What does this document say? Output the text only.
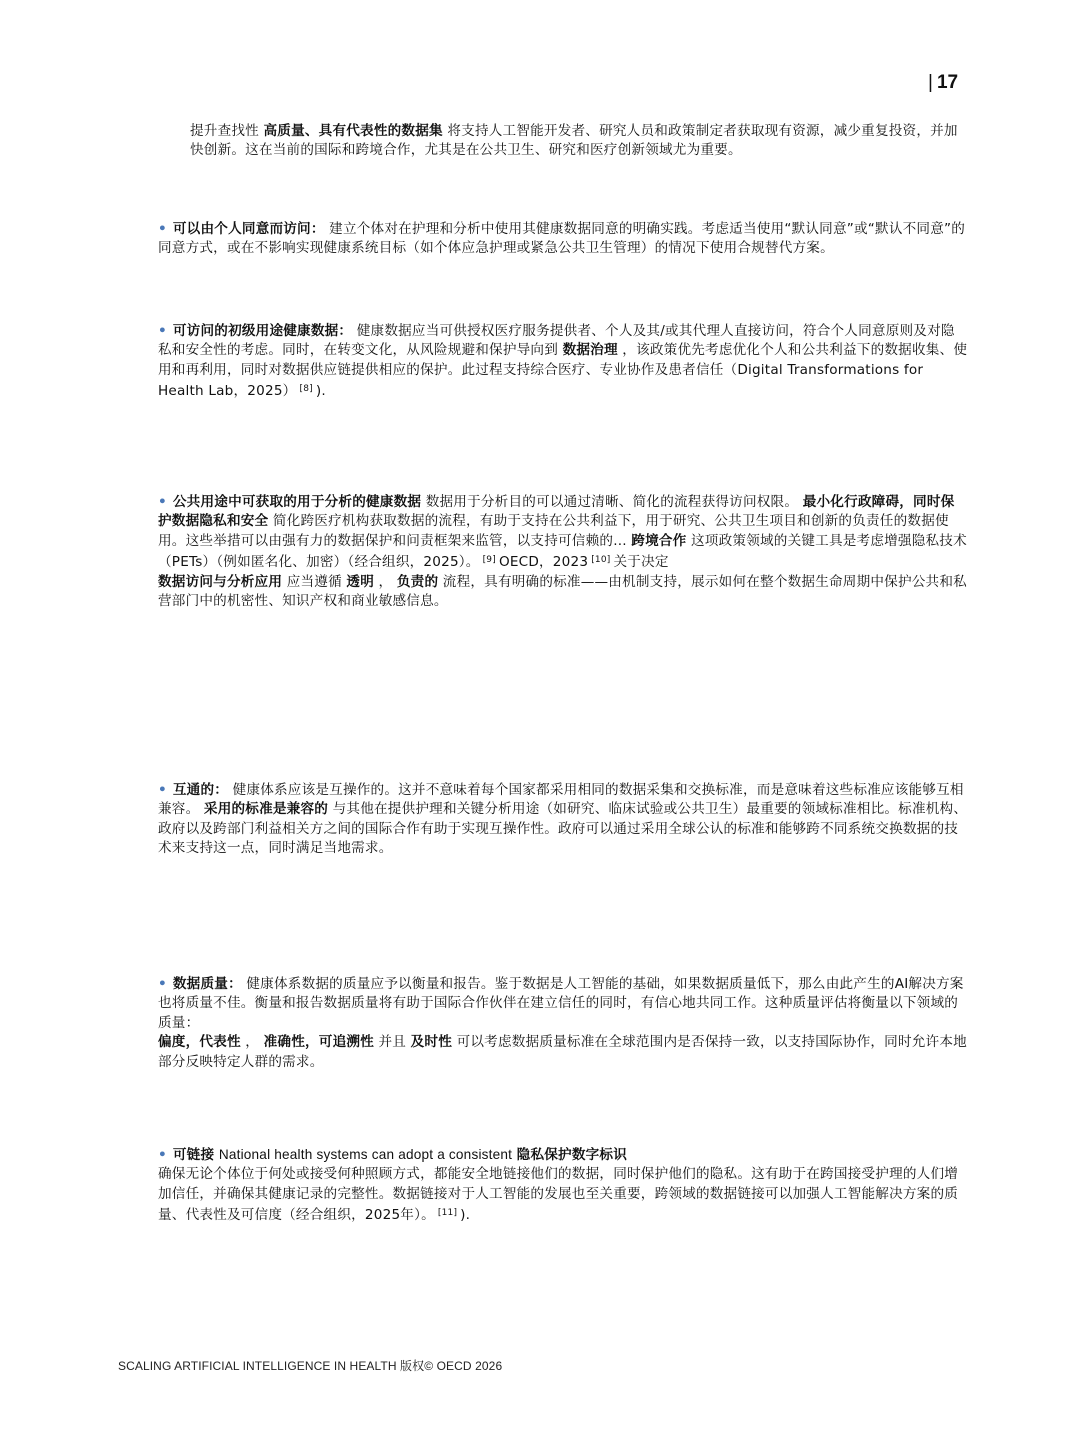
| 17
提升查找性 高质量、具有代表性的数据集 将支持人工智能开发者、研究人员和政策制定者获取现有资源，减少重复投资，并加快创新。这在当前的国际和跨境合作，尤其是在公共卫生、研究和医疗创新领域尤为重要。
• 可以由个人同意而访问： 建立个体对在护理和分析中使用其健康数据同意的明确实践。考虑适当使用“默认同意”或“默认不同意”的同意方式，或在不影响实现健康系统目标（如个体应急护理或紧急公共卫生管理）的情况下使用合规替代方案。
• 可访问的初级用途健康数据： 健康数据应当可供授权医疗服务提供者、个人及其/或其代理人直接访问，符合个人同意原则及对隐私和安全性的考虑。同时，在转变文化，从风险规避和保护导向到 数据治理 ，该政策优先考虑优化个人和公共利益下的数据收集、使用和再利用，同时对数据供应链提供相应的保护。此过程支持综合医疗、专业协作及患者信任（Digital Transformations for Health Lab，2025） [8] ).
• 公共用途中可获取的用于分析的健康数据 数据用于分析目的可以通过清晰、简化的流程获得访问权限。 最小化行政障碍，同时保护数据隐私和安全 简化跨医疗机构获取数据的流程，有助于支持在公共利益下，用于研究、公共卫生项目和创新的负责任的数据使用。这些举措可以由强有力的数据保护和问责框架来监管，以支持可信赖的... 跨境合作 这项政策领域的关键工具是考虑增强隐私技术（PETs）（例如匿名化、加密）（经合组织，2025）。 [9] OECD，2023 [10] 关于决定
数据访问与分析应用 应当遵循 透明 ， 负责的 流程，具有明确的标准——由机制支持，展示如何在整个数据生命周期中保护公共和私营部门中的机密性、知识产权和商业敏感信息。
• 互通的： 健康体系应该是互操作的。这并不意味着每个国家都采用相同的数据采集和交换标准，而是意味着这些标准应该能够互相兼容。 采用的标准是兼容的 与其他在提供护理和关键分析用途（如研究、临床试验或公共卫生）最重要的领域标准相比。标准机构、政府以及跨部门利益相关方之间的国际合作有助于实现互操作性。政府可以通过采用全球公认的标准和能够跨不同系统交换数据的技术来支持这一点，同时满足当地需求。
• 数据质量： 健康体系数据的质量应予以衡量和报告。鉴于数据是人工智能的基础，如果数据质量低下，那么由此产生的AI解决方案也将质量不佳。衡量和报告数据质量将有助于国际合作伙伴在建立信任的同时，有信心地共同工作。这种质量评估将衡量以下领域的质量：
偏度，代表性 ， 准确性，可追溯性 并且 及时性 可以考虑数据质量标准在全球范围内是否保持一致，以支持国际协作，同时允许本地部分反映特定人群的需求。
• 可链接 National health systems can adopt a consistent 隐私保护数字标识
确保无论个体位于何处或接受何种照顾方式，都能安全地链接他们的数据，同时保护他们的隐私。这有助于在跨国接受护理的人们增加信任，并确保其健康记录的完整性。数据链接对于人工智能的发展也至关重要，跨领域的数据链接可以加强人工智能解决方案的质量、代表性及可信度（经合组织，2025年）。 [11] ).
SCALING ARTIFICIAL INTELLIGENCE IN HEALTH 版权© OECD 2026
